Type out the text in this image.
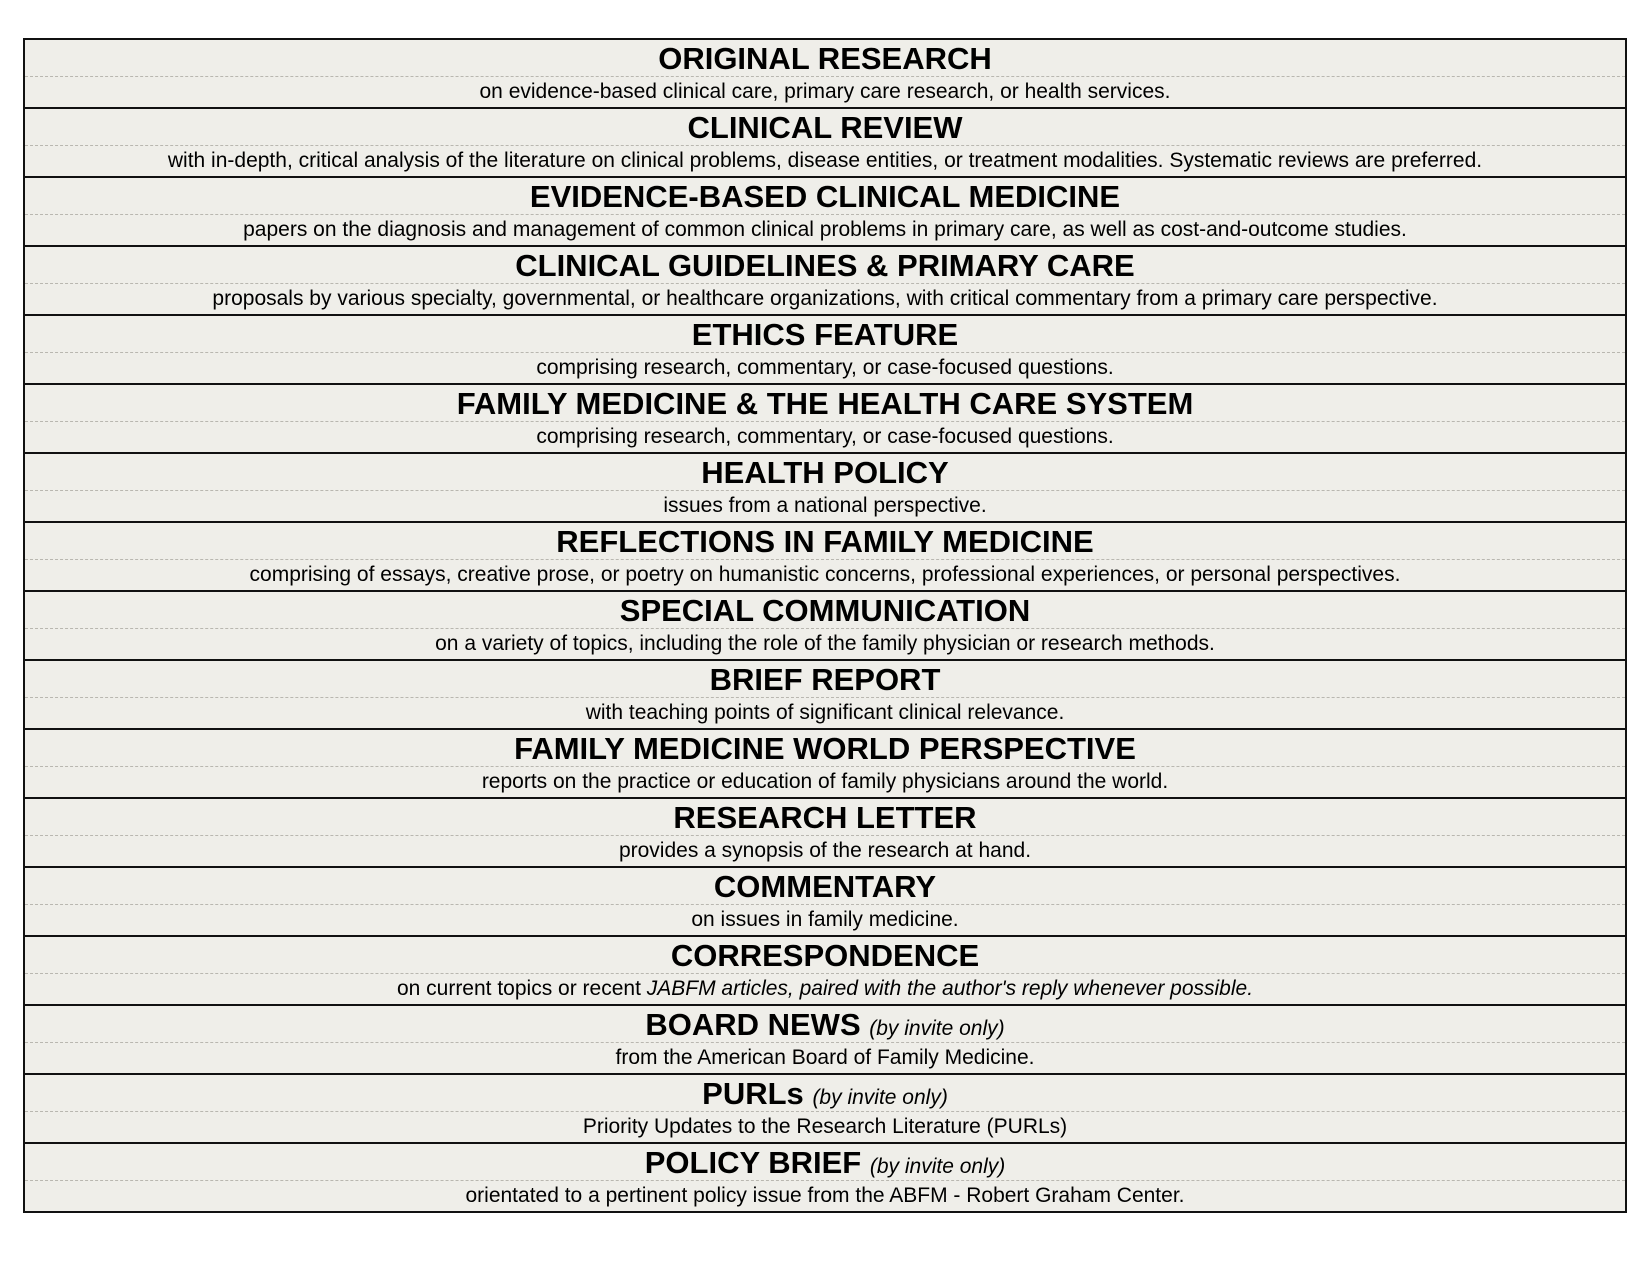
ORIGINAL RESEARCH
on evidence-based clinical care, primary care research, or health services.
CLINICAL REVIEW
with in-depth, critical analysis of the literature on clinical problems, disease entities, or treatment modalities. Systematic reviews are preferred.
EVIDENCE-BASED CLINICAL MEDICINE
papers on the diagnosis and management of common clinical problems in primary care, as well as cost-and-outcome studies.
CLINICAL GUIDELINES & PRIMARY CARE
proposals by various specialty, governmental, or healthcare organizations, with critical commentary from a primary care perspective.
ETHICS FEATURE
comprising research, commentary, or case-focused questions.
FAMILY MEDICINE & THE HEALTH CARE SYSTEM
comprising research, commentary, or case-focused questions.
HEALTH POLICY
issues from a national perspective.
REFLECTIONS IN FAMILY MEDICINE
comprising of essays, creative prose, or poetry on humanistic concerns, professional experiences, or personal perspectives.
SPECIAL COMMUNICATION
on a variety of topics, including the role of the family physician or research methods.
BRIEF REPORT
with teaching points of significant clinical relevance.
FAMILY MEDICINE WORLD PERSPECTIVE
reports on the practice or education of family physicians around the world.
RESEARCH LETTER
provides a synopsis of the research at hand.
COMMENTARY
on issues in family medicine.
CORRESPONDENCE
on current topics or recent JABFM articles, paired with the author's reply whenever possible.
BOARD NEWS (by invite only)
from the American Board of Family Medicine.
PURLs (by invite only)
Priority Updates to the Research Literature (PURLs)
POLICY BRIEF (by invite only)
orientated to a pertinent policy issue from the ABFM - Robert Graham Center.
